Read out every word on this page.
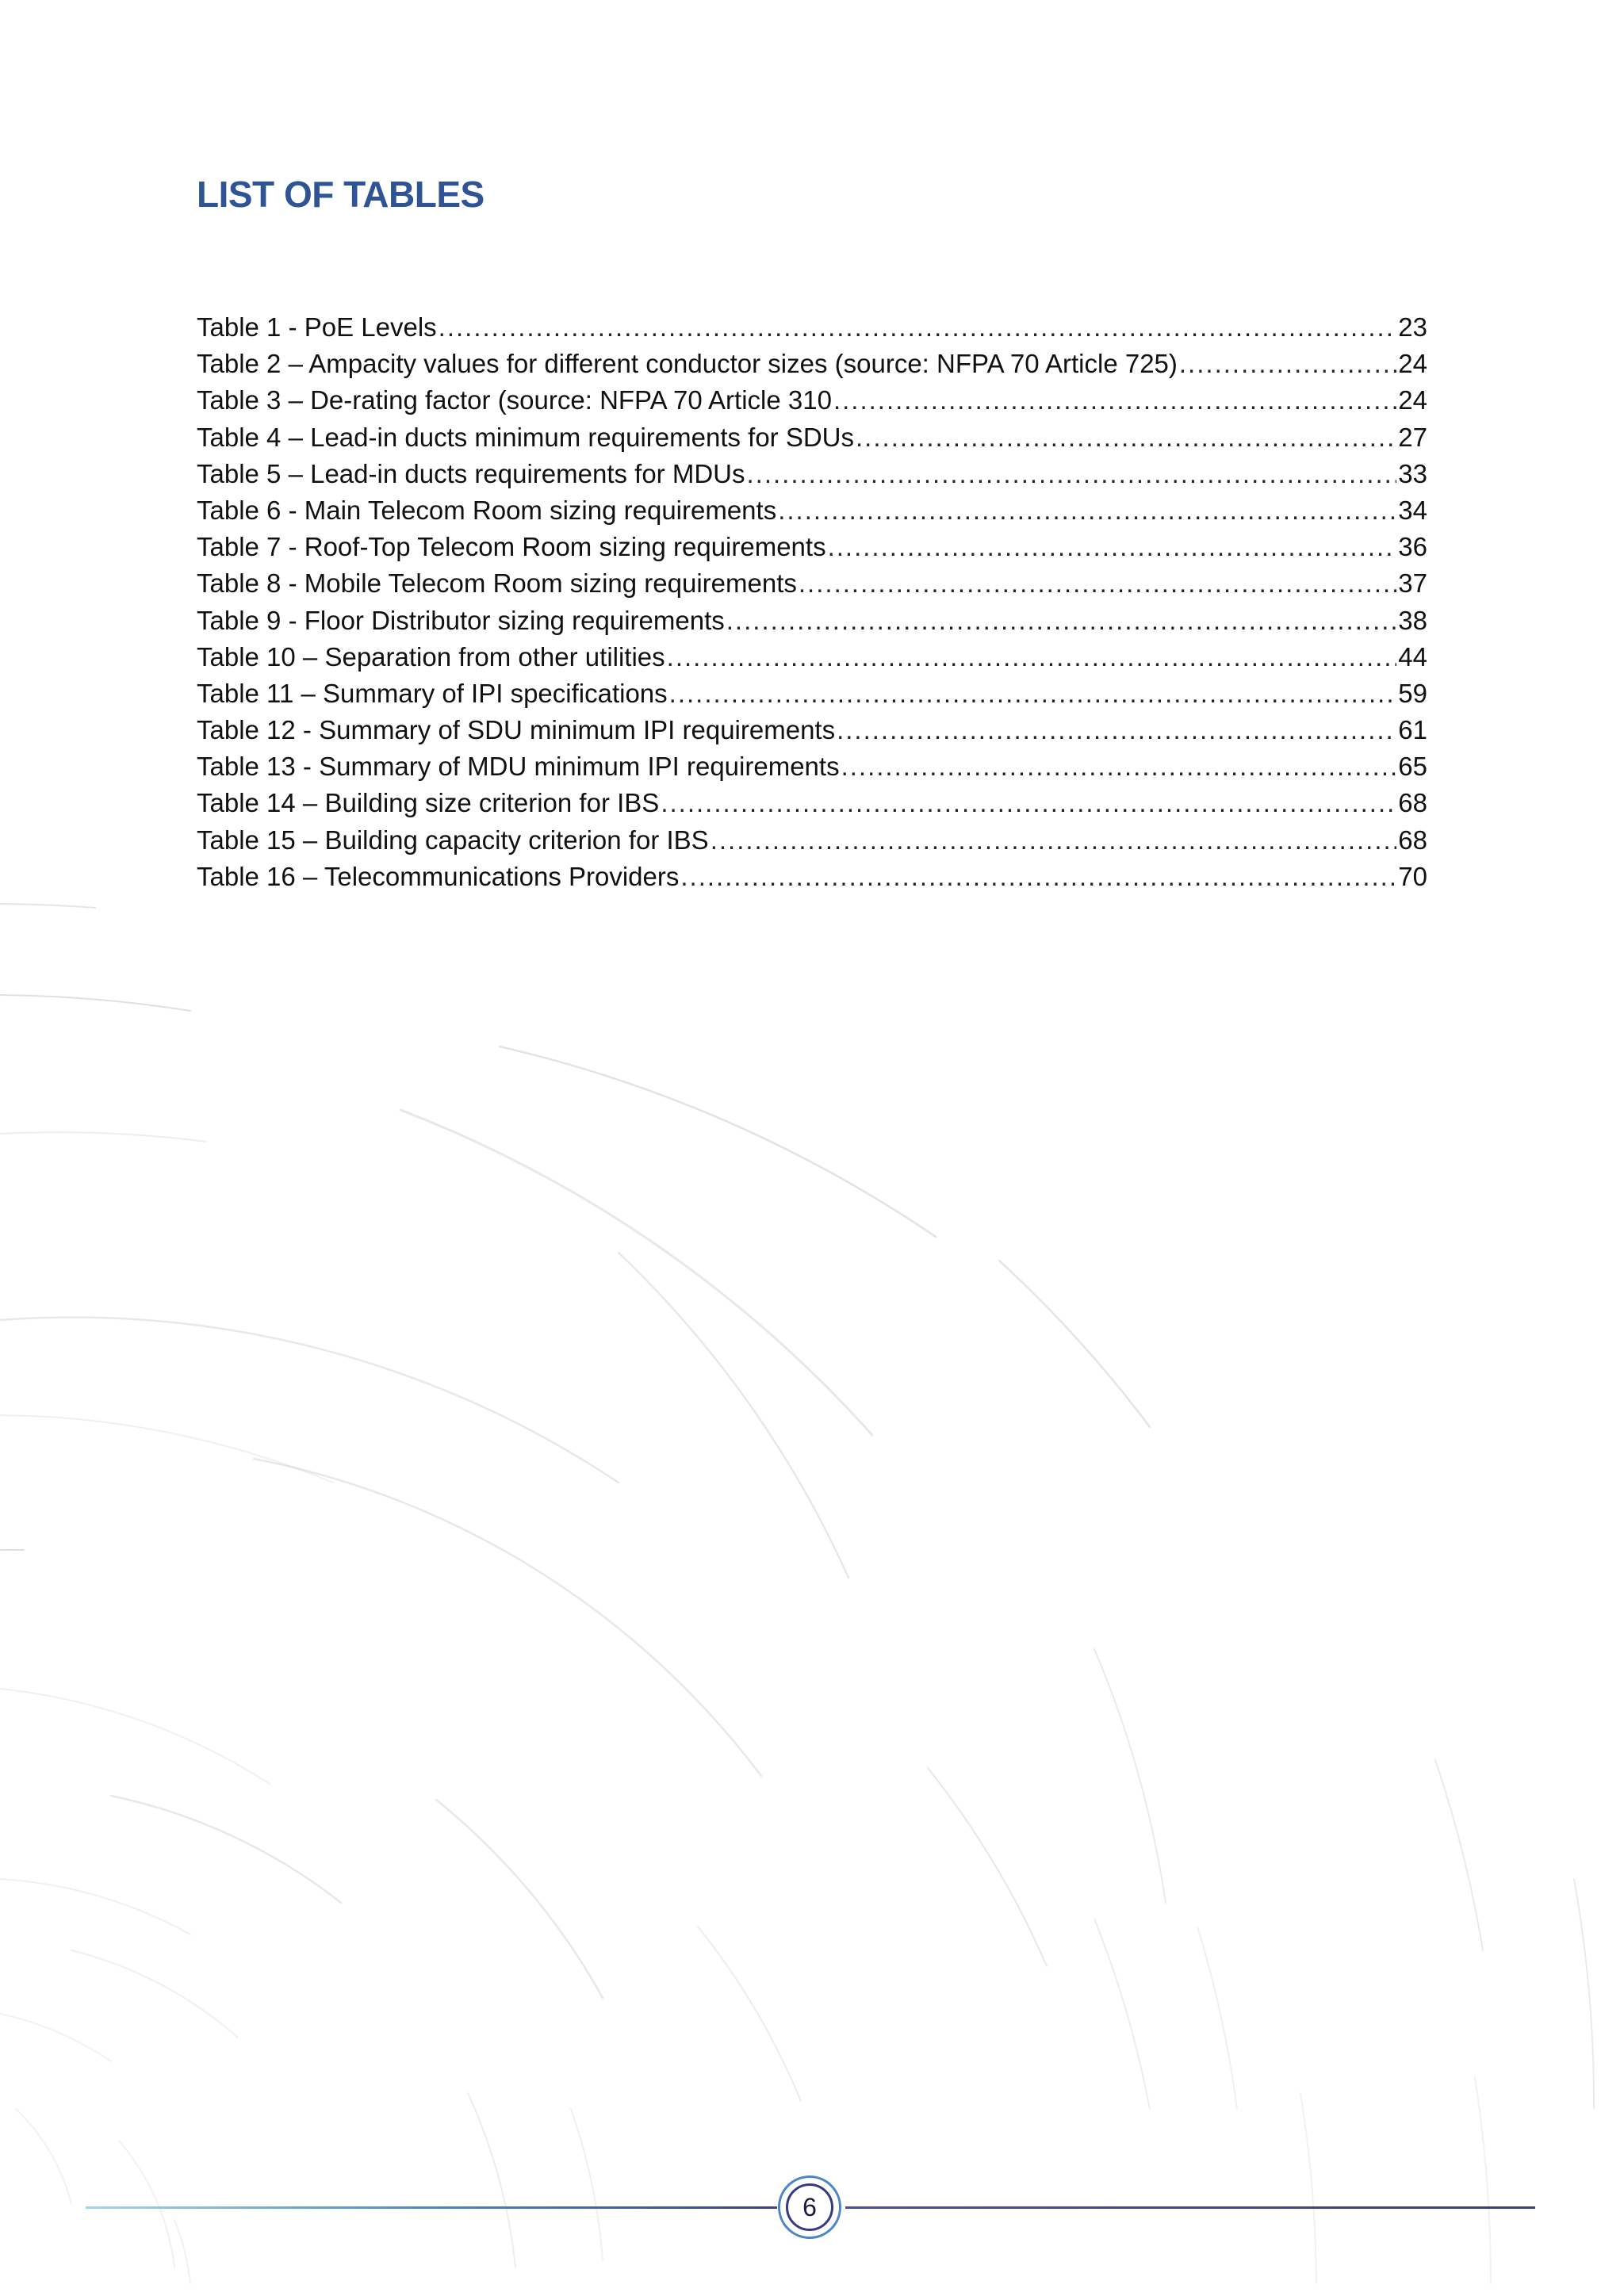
LIST OF TABLES
Table 1 - PoE Levels .....	23
Table 2 – Ampacity values for different conductor sizes (source: NFPA 70 Article 725) .....	24
Table 3 – De-rating factor (source: NFPA 70 Article 310 .....	24
Table 4 – Lead-in ducts minimum requirements for SDUs .....	27
Table 5 – Lead-in ducts requirements for MDUs .....	33
Table 6 - Main Telecom Room sizing requirements .....	34
Table 7 - Roof-Top Telecom Room sizing requirements .....	36
Table 8 - Mobile Telecom Room sizing requirements .....	37
Table 9 - Floor Distributor sizing requirements .....	38
Table 10 – Separation from other utilities .....	44
Table 11 – Summary of IPI specifications .....	59
Table 12 - Summary of SDU minimum IPI requirements .....	61
Table 13 - Summary of MDU minimum IPI requirements .....	65
Table 14 – Building size criterion for IBS .....	68
Table 15 – Building capacity criterion for IBS .....	68
Table 16 – Telecommunications Providers .....	70
6
